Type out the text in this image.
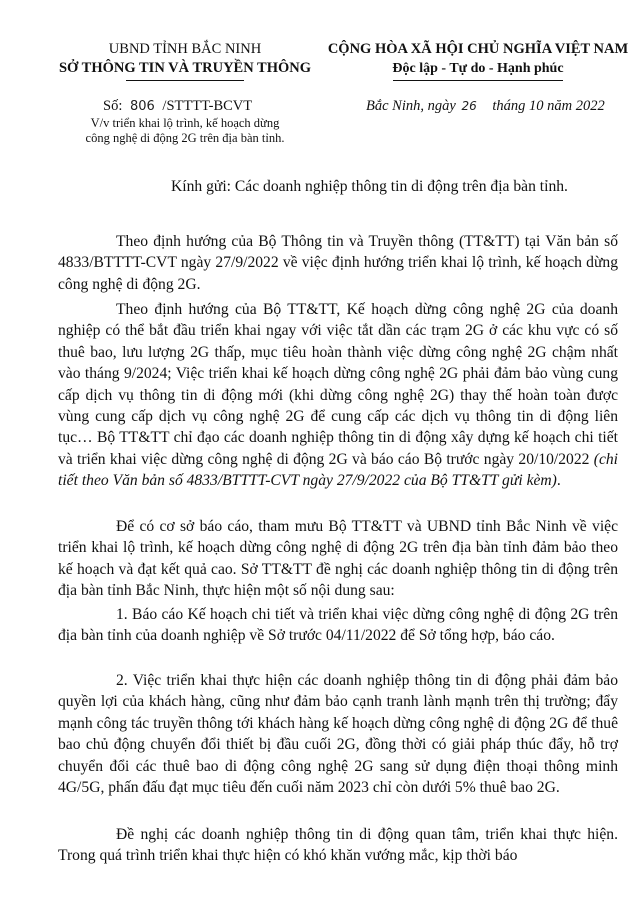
UBND TỈNH BẮC NINH
SỞ THÔNG TIN VÀ TRUYỀN THÔNG
CỘNG HÒA XÃ HỘI CHỦ NGHĨA VIỆT NAM
Độc lập - Tự do - Hạnh phúc
Số: 806 /STTTT-BCVT
V/v triển khai lộ trình, kế hoạch dừng
công nghệ di động 2G trên địa bàn tỉnh.
Bắc Ninh, ngày 26 tháng 10 năm 2022
Kính gửi: Các doanh nghiệp thông tin di động trên địa bàn tỉnh.

Theo định hướng của Bộ Thông tin và Truyền thông (TT&TT) tại Văn bản số 4833/BTTTT-CVT ngày 27/9/2022 về việc định hướng triển khai lộ trình, kế hoạch dừng công nghệ di động 2G.

Theo định hướng của Bộ TT&TT, Kế hoạch dừng công nghệ 2G của doanh nghiệp có thể bắt đầu triển khai ngay với việc tắt dần các trạm 2G ở các khu vực có số thuê bao, lưu lượng 2G thấp, mục tiêu hoàn thành việc dừng công nghệ 2G chậm nhất vào tháng 9/2024; Việc triển khai kế hoạch dừng công nghệ 2G phải đảm bảo vùng cung cấp dịch vụ thông tin di động mới (khi dừng công nghệ 2G) thay thế hoàn toàn được vùng cung cấp dịch vụ công nghệ 2G để cung cấp các dịch vụ thông tin di động liên tục… Bộ TT&TT chỉ đạo các doanh nghiệp thông tin di động xây dựng kế hoạch chi tiết và triển khai việc dừng công nghệ di động 2G và báo cáo Bộ trước ngày 20/10/2022 (chi tiết theo Văn bản số 4833/BTTTT-CVT ngày 27/9/2022 của Bộ TT&TT gửi kèm).

Để có cơ sở báo cáo, tham mưu Bộ TT&TT và UBND tỉnh Bắc Ninh về việc triển khai lộ trình, kế hoạch dừng công nghệ di động 2G trên địa bàn tỉnh đảm bảo theo kế hoạch và đạt kết quả cao. Sở TT&TT đề nghị các doanh nghiệp thông tin di động trên địa bàn tỉnh Bắc Ninh, thực hiện một số nội dung sau:

1. Báo cáo Kế hoạch chi tiết và triển khai việc dừng công nghệ di động 2G trên địa bàn tỉnh của doanh nghiệp về Sở trước 04/11/2022 để Sở tổng hợp, báo cáo.

2. Việc triển khai thực hiện các doanh nghiệp thông tin di động phải đảm bảo quyền lợi của khách hàng, cũng như đảm bảo cạnh tranh lành mạnh trên thị trường; đẩy mạnh công tác truyền thông tới khách hàng kế hoạch dừng công nghệ di động 2G để thuê bao chủ động chuyển đổi thiết bị đầu cuối 2G, đồng thời có giải pháp thúc đẩy, hỗ trợ chuyển đổi các thuê bao di động công nghệ 2G sang sử dụng điện thoại thông minh 4G/5G, phấn đấu đạt mục tiêu đến cuối năm 2023 chỉ còn dưới 5% thuê bao 2G.

Đề nghị các doanh nghiệp thông tin di động quan tâm, triển khai thực hiện. Trong quá trình triển khai thực hiện có khó khăn vướng mắc, kịp thời báo
